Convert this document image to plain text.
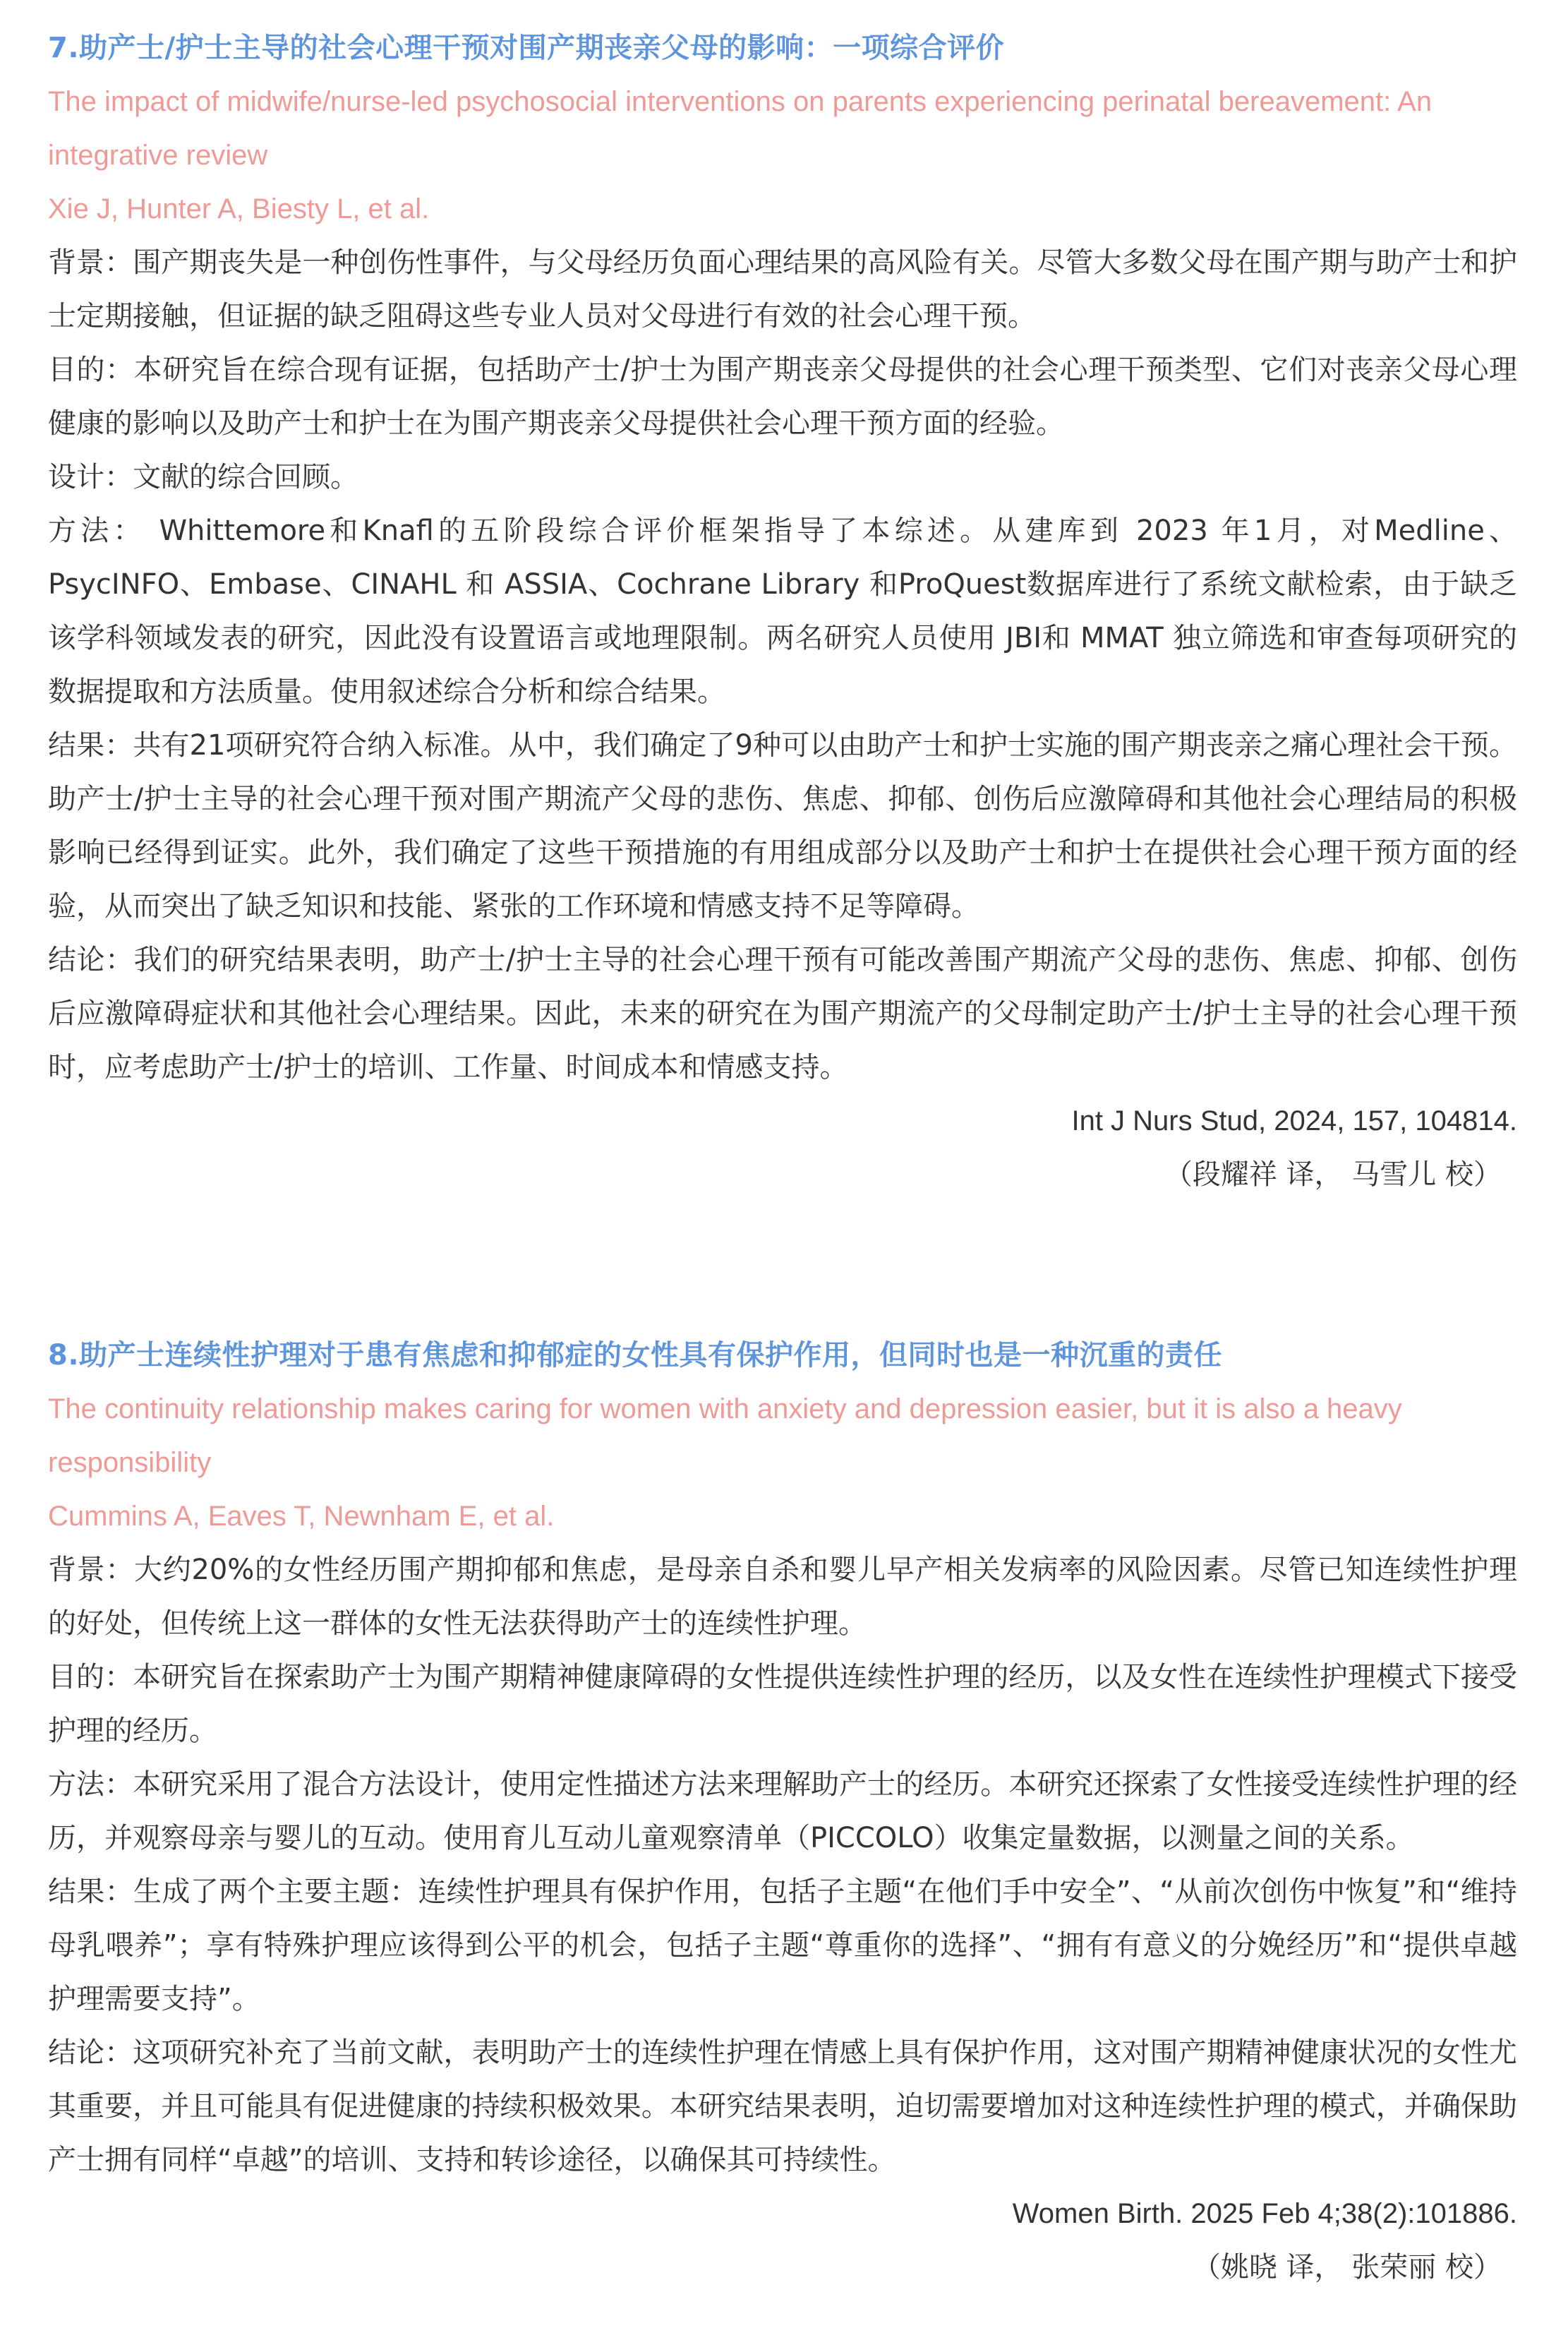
7.助产士/护士主导的社会心理干预对围产期丧亲父母的影响：一项综合评价

The impact of midwife/nurse-led psychosocial interventions on parents experiencing perinatal bereavement: An integrative review

Xie J, Hunter A, Biesty L, et al.

背景：围产期丧失是一种创伤性事件，与父母经历负面心理结果的高风险有关。尽管大多数父母在围产期与助产士和护士定期接触，但证据的缺乏阻碍这些专业人员对父母进行有效的社会心理干预。

目的：本研究旨在综合现有证据，包括助产士/护士为围产期丧亲父母提供的社会心理干预类型、它们对丧亲父母心理健康的影响以及助产士和护士在为围产期丧亲父母提供社会心理干预方面的经验。

设计：文献的综合回顾。

方法： Whittemore和Knafl的五阶段综合评价框架指导了本综述。从建库到 2023 年1月，对Medline、PsycINFO、Embase、CINAHL 和 ASSIA、Cochrane Library 和ProQuest数据库进行了系统文献检索，由于缺乏该学科领域发表的研究，因此没有设置语言或地理限制。两名研究人员使用 JBI和 MMAT 独立筛选和审查每项研究的数据提取和方法质量。使用叙述综合分析和综合结果。

结果：共有21项研究符合纳入标准。从中，我们确定了9种可以由助产士和护士实施的围产期丧亲之痛心理社会干预。助产士/护士主导的社会心理干预对围产期流产父母的悲伤、焦虑、抑郁、创伤后应激障碍和其他社会心理结局的积极影响已经得到证实。此外，我们确定了这些干预措施的有用组成部分以及助产士和护士在提供社会心理干预方面的经验，从而突出了缺乏知识和技能、紧张的工作环境和情感支持不足等障碍。

结论：我们的研究结果表明，助产士/护士主导的社会心理干预有可能改善围产期流产父母的悲伤、焦虑、抑郁、创伤后应激障碍症状和其他社会心理结果。因此，未来的研究在为围产期流产的父母制定助产士/护士主导的社会心理干预时，应考虑助产士/护士的培训、工作量、时间成本和情感支持。

Int J Nurs Stud, 2024, 157, 104814.

（段耀祥 译， 马雪儿 校）

8.助产士连续性护理对于患有焦虑和抑郁症的女性具有保护作用，但同时也是一种沉重的责任

The continuity relationship makes caring for women with anxiety and depression easier, but it is also a heavy responsibility

Cummins A, Eaves T, Newnham E, et al.

背景：大约20%的女性经历围产期抑郁和焦虑，是母亲自杀和婴儿早产相关发病率的风险因素。尽管已知连续性护理的好处，但传统上这一群体的女性无法获得助产士的连续性护理。

目的：本研究旨在探索助产士为围产期精神健康障碍的女性提供连续性护理的经历，以及女性在连续性护理模式下接受护理的经历。

方法：本研究采用了混合方法设计，使用定性描述方法来理解助产士的经历。本研究还探索了女性接受连续性护理的经历，并观察母亲与婴儿的互动。使用育儿互动儿童观察清单（PICCOLO）收集定量数据，以测量之间的关系。

结果：生成了两个主要主题：连续性护理具有保护作用，包括子主题“在他们手中安全”、“从前次创伤中恢复”和“维持母乳喂养”；享有特殊护理应该得到公平的机会，包括子主题“尊重你的选择”、“拥有有意义的分娩经历”和“提供卓越护理需要支持”。

结论：这项研究补充了当前文献，表明助产士的连续性护理在情感上具有保护作用，这对围产期精神健康状况的女性尤其重要，并且可能具有促进健康的持续积极效果。本研究结果表明，迫切需要增加对这种连续性护理的模式，并确保助产士拥有同样“卓越”的培训、支持和转诊途径，以确保其可持续性。

Women Birth. 2025 Feb 4;38(2):101886.

（姚晓 译， 张荣丽 校）
